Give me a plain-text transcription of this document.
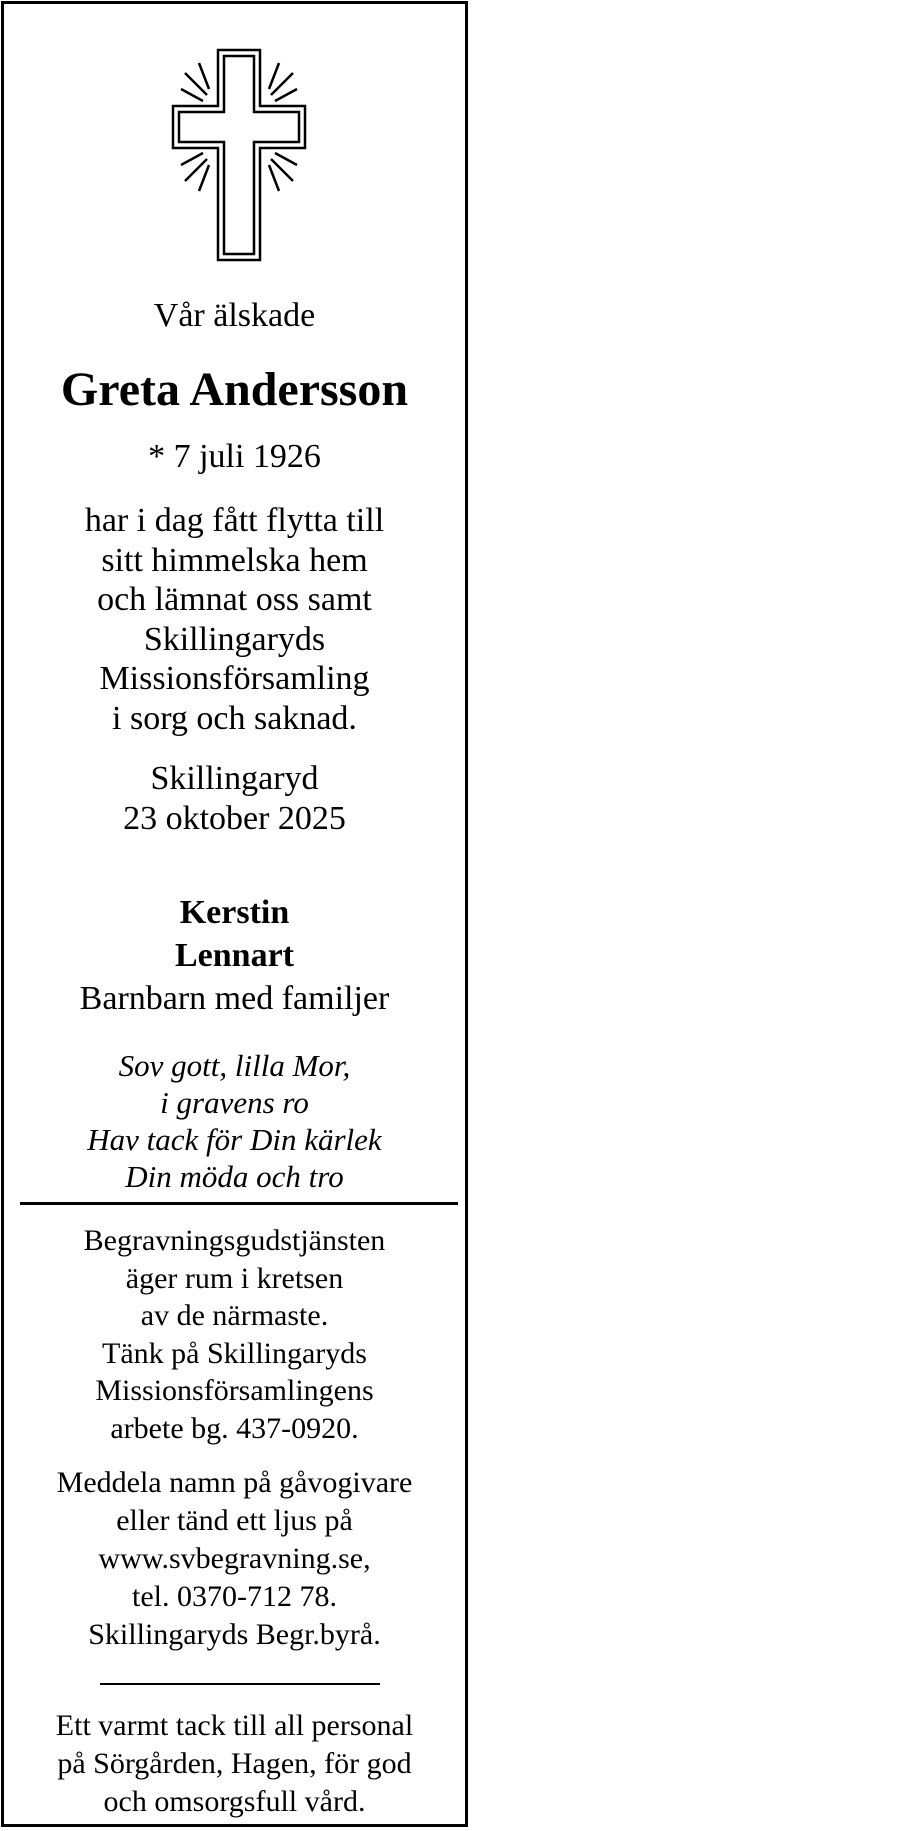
Vår älskade
Greta Andersson
* 7 juli 1926
har i dag fått flytta till
sitt himmelska hem
och lämnat oss samt
Skillingaryds
Missionsförsamling
i sorg och saknad.
Skillingaryd
23 oktober 2025
Kerstin
Lennart
Barnbarn med familjer
Sov gott, lilla Mor,
i gravens ro
Hav tack för Din kärlek
Din möda och tro
Begravningsgudstjänsten
äger rum i kretsen
av de närmaste.
Tänk på Skillingaryds
Missionsförsamlingens
arbete bg. 437-0920.
Meddela namn på gåvogivare
eller tänd ett ljus på
www.svbegravning.se,
tel. 0370-712 78.
Skillingaryds Begr.byrå.
Ett varmt tack till all personal
på Sörgården, Hagen, för god
och omsorgsfull vård.
